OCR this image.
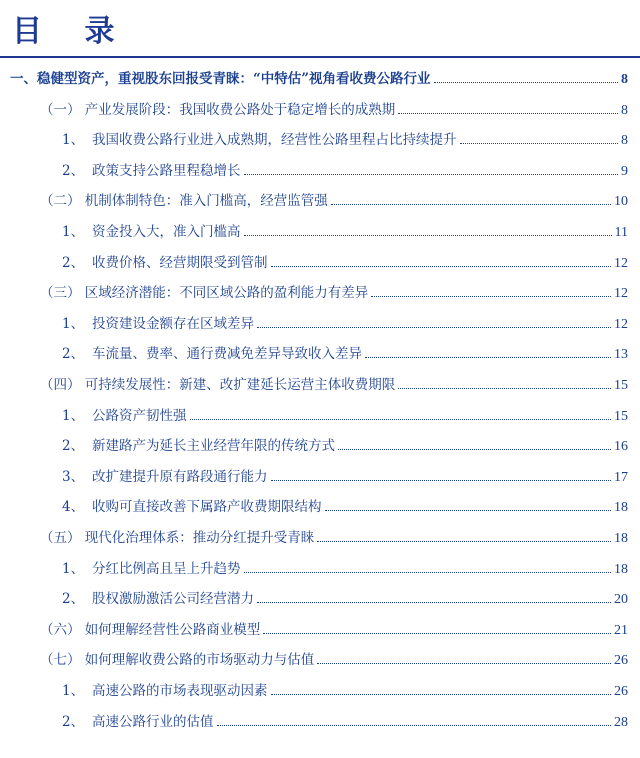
目 录
一、稳健型资产，重视股东回报受青睐：“中特估”视角看收费公路行业	8
（一） 产业发展阶段：我国收费公路处于稳定增长的成熟期	8
1、 我国收费公路行业进入成熟期，经营性公路里程占比持续提升	8
2、 政策支持公路里程稳增长	9
（二） 机制体制特色：准入门槛高，经营监管强	10
1、 资金投入大，准入门槛高	11
2、 收费价格、经营期限受到管制	12
（三） 区域经济潜能：不同区域公路的盈利能力有差异	12
1、 投资建设金额存在区域差异	12
2、 车流量、费率、通行费减免差异导致收入差异	13
（四） 可持续发展性：新建、改扩建延长运营主体收费期限	15
1、 公路资产韧性强	15
2、 新建路产为延长主业经营年限的传统方式	16
3、 改扩建提升原有路段通行能力	17
4、 收购可直接改善下属路产收费期限结构	18
（五） 现代化治理体系：推动分红提升受青睐	18
1、 分红比例高且呈上升趋势	18
2、 股权激励激活公司经营潜力	20
（六） 如何理解经营性公路商业模型	21
（七） 如何理解收费公路的市场驱动力与估值	26
1、 高速公路的市场表现驱动因素	26
2、 高速公路行业的估值	28
